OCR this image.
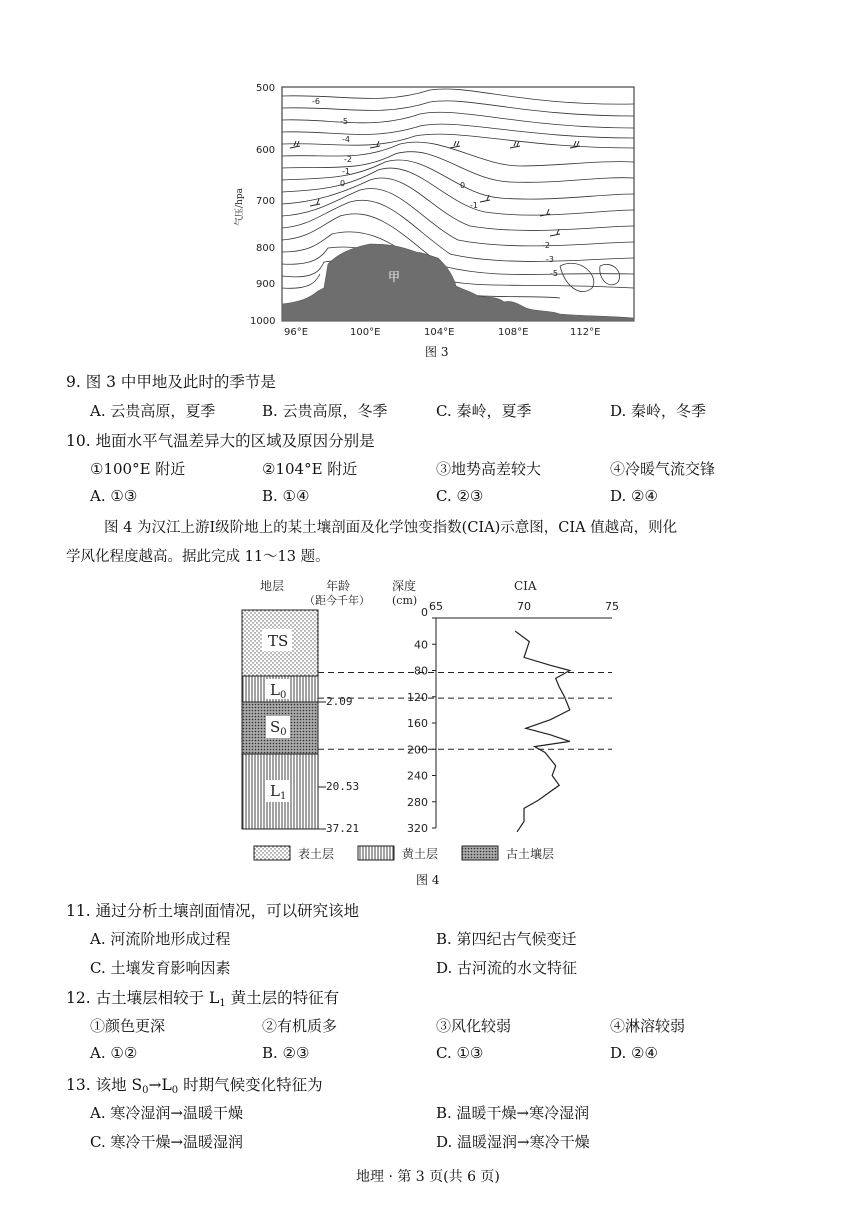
-6
-5
-4
-2
-1
0	0
-1
-2
-3
-5
甲
500
600
700
800
900
1000
气压/hpa
96°E	100°E	104°E	108°E	112°E
图 3
9. 图 3 中甲地及此时的季节是
A. 云贵高原，夏季	B. 云贵高原，冬季	C. 秦岭，夏季	D. 秦岭，冬季
10. 地面水平气温差异大的区域及原因分别是
①100°E 附近	②104°E 附近	③地势高差较大	④冷暖气流交锋
A. ①③	B. ①④	C. ②③	D. ②④
图 4 为汉江上游Ⅰ级阶地上的某土壤剖面及化学蚀变指数(CIA)示意图，CIA 值越高，则化
学风化程度越高。据此完成 11～13 题。
地层	年龄
（距今千年）
深度
(cm)
CIA
TS
$L_0$
$S_0$
$L_1$
2.09
20.53
37.21
0
40
80
120
160
200
240
280
320
65	70	75
表土层	黄土层	古土壤层
图 4
11. 通过分析土壤剖面情况，可以研究该地
A. 河流阶地形成过程	B. 第四纪古气候变迁
C. 土壤发育影响因素	D. 古河流的水文特征
12. 古土壤层相较于 $L_1$ 黄土层的特征有
①颜色更深	②有机质多	③风化较弱	④淋溶较弱
A. ①②	B. ②③	C. ①③	D. ②④
13. 该地 $S_0\to L_0$ 时期气候变化特征为
A. 寒冷湿润→温暖干燥	B. 温暖干燥→寒冷湿润
C. 寒冷干燥→温暖湿润	D. 温暖湿润→寒冷干燥
地理 · 第 3 页(共 6 页)
